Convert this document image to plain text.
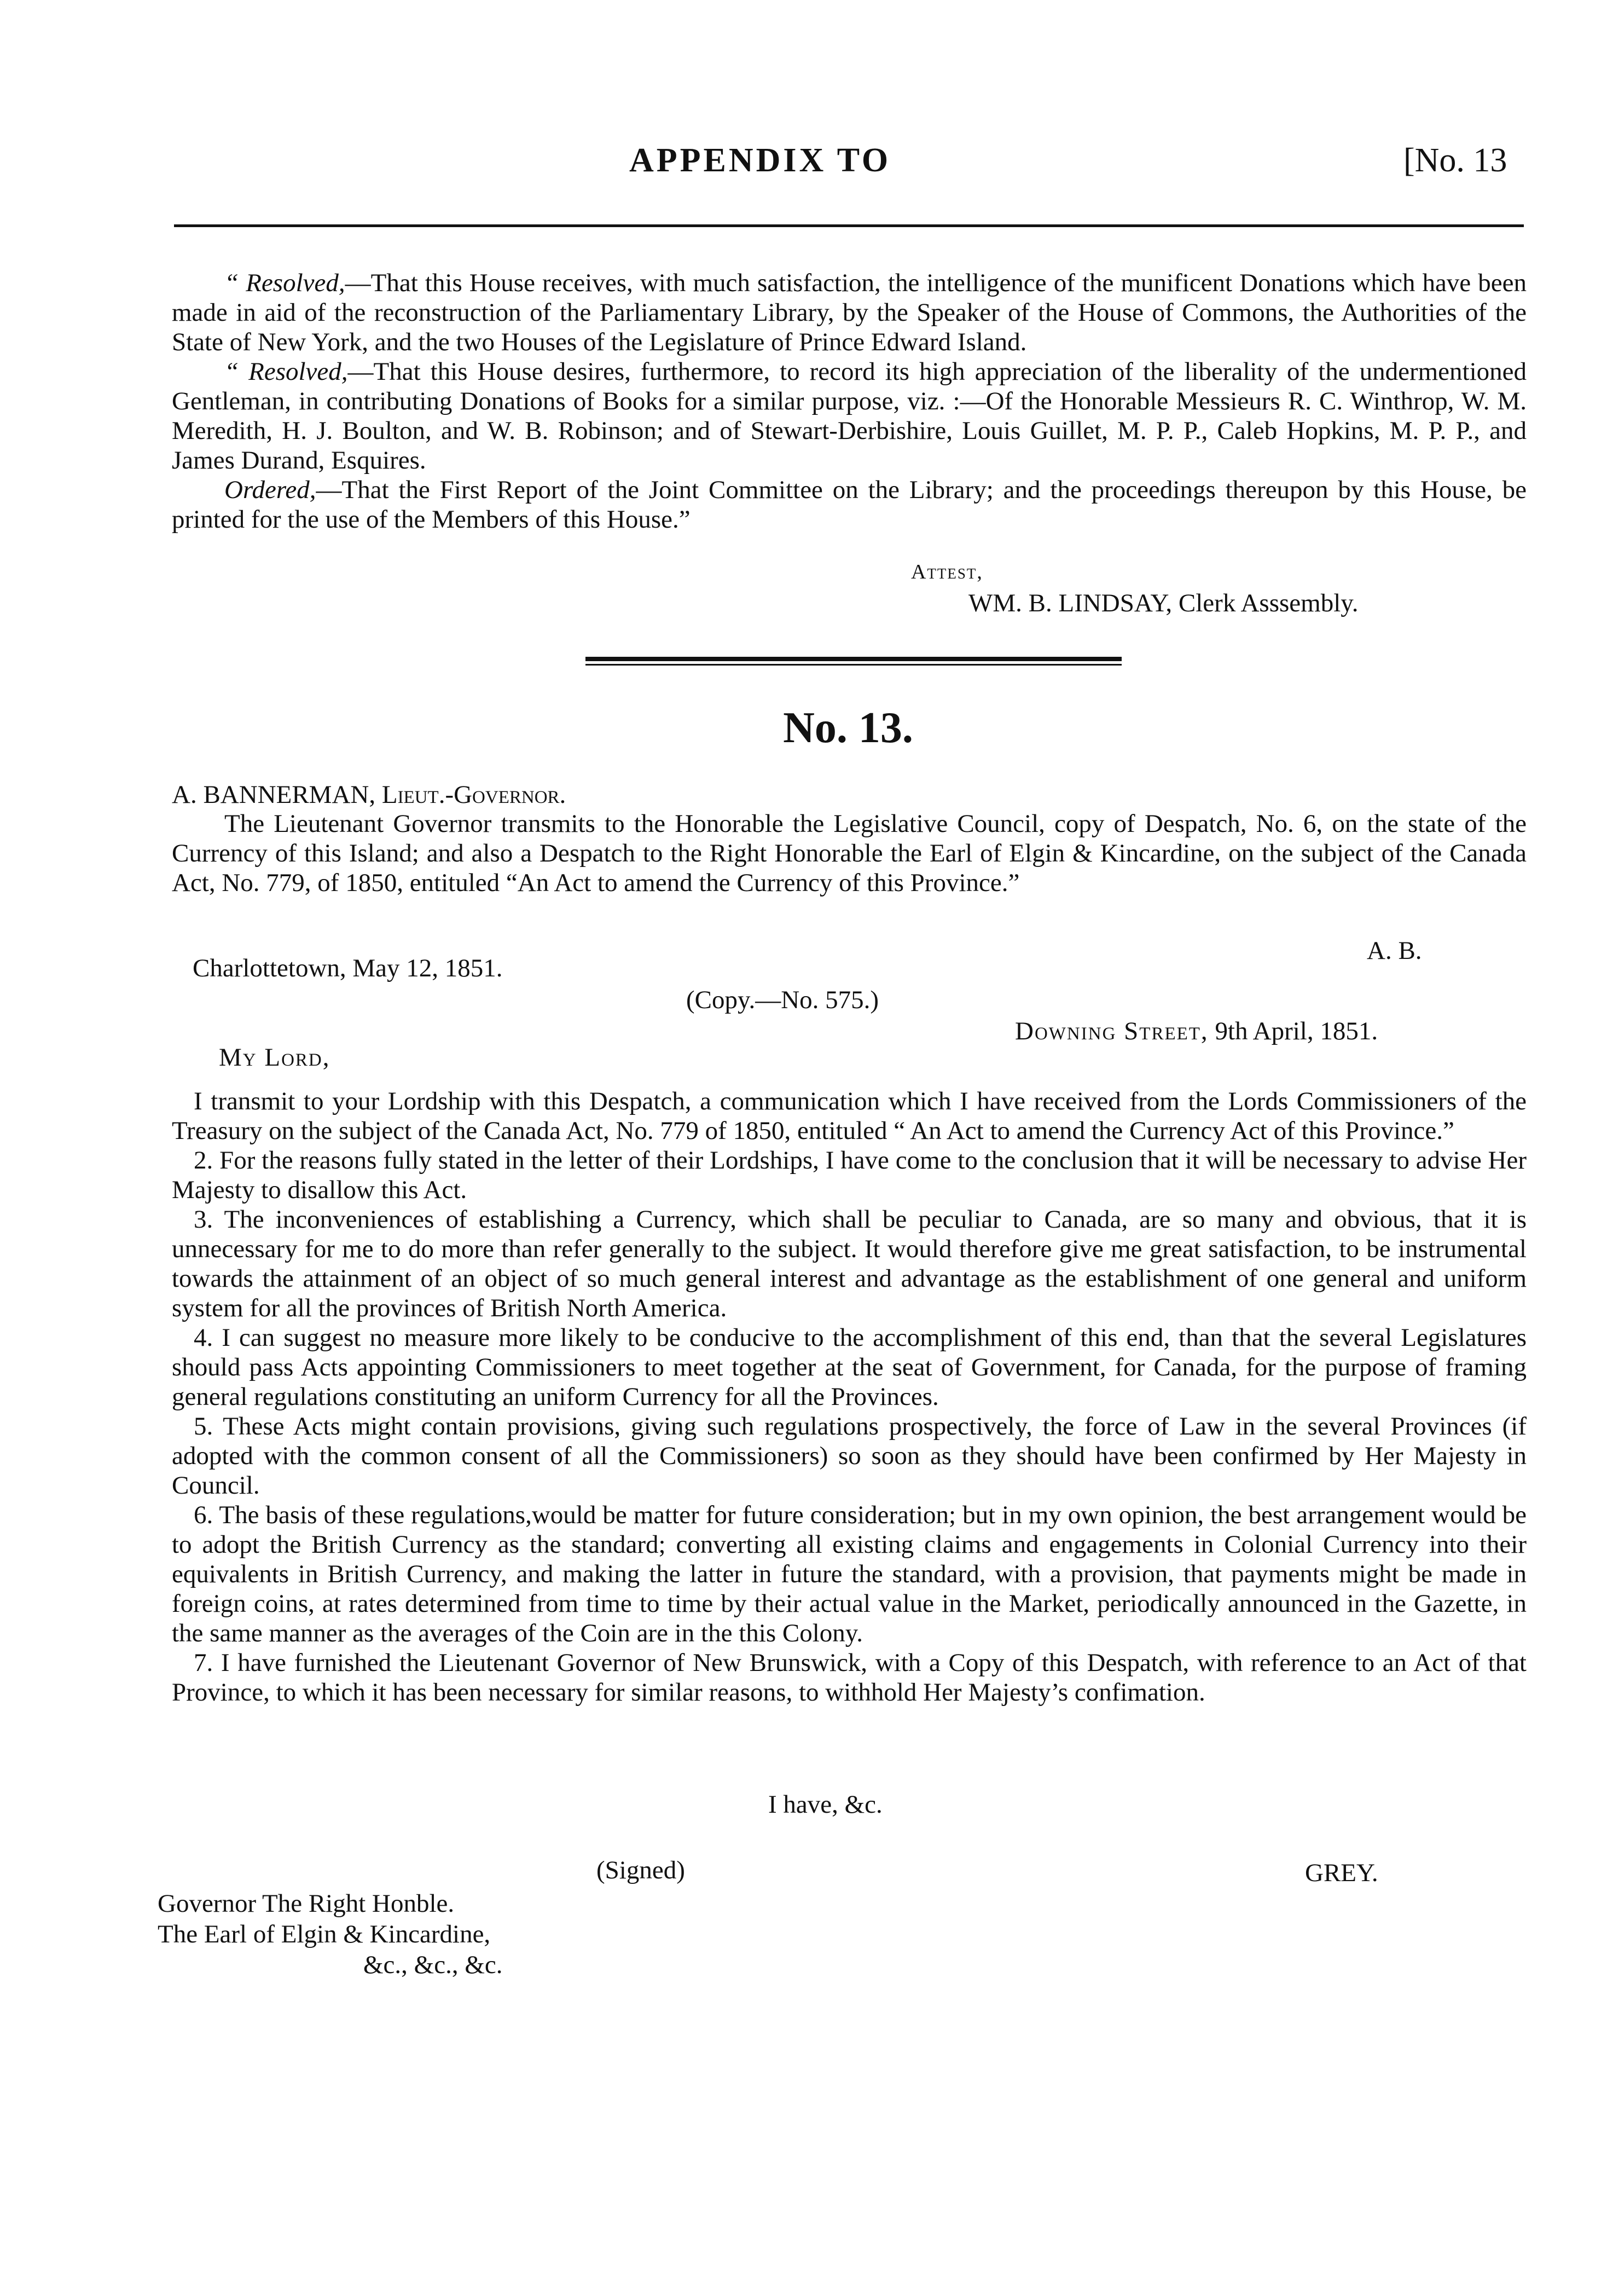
APPENDIX TO	[No. 13

“ Resolved,—That this House receives, with much satisfaction, the intelligence of the munificent Donations which have been made in aid of the reconstruction of the Parliamentary Library, by the Speaker of the House of Commons, the Authorities of the State of New York, and the two Houses of the Legislature of Prince Edward Island.

“ Resolved,—That this House desires, furthermore, to record its high appreciation of the liberality of the undermentioned Gentleman, in contributing Donations of Books for a similar purpose, viz. :—Of the Honorable Messieurs R. C. Winthrop, W. M. Meredith, H. J. Boulton, and W. B. Robinson; and of Stewart-Derbishire, Louis Guillet, M. P. P., Caleb Hopkins, M. P. P., and James Durand, Esquires.

Ordered,—That the First Report of the Joint Committee on the Library; and the proceedings thereupon by this House, be printed for the use of the Members of this House.”

Attest,
WM. B. LINDSAY, Clerk Asssembly.
No. 13.
A. BANNERMAN, Lieut.-Governor.

The Lieutenant Governor transmits to the Honorable the Legislative Council, copy of Despatch, No. 6, on the state of the Currency of this Island; and also a Despatch to the Right Honorable the Earl of Elgin & Kincardine, on the subject of the Canada Act, No. 779, of 1850, entituled “An Act to amend the Currency of this Province.”

A. B.
Charlottetown, May 12, 1851.
(Copy.—No. 575.)
Downing Street, 9th April, 1851.
My Lord,

I transmit to your Lordship with this Despatch, a communication which I have received from the Lords Commissioners of the Treasury on the subject of the Canada Act, No. 779 of 1850, entituled “ An Act to amend the Currency Act of this Province.”

2. For the reasons fully stated in the letter of their Lordships, I have come to the conclusion that it will be necessary to advise Her Majesty to disallow this Act.

3. The inconveniences of establishing a Currency, which shall be peculiar to Canada, are so many and obvious, that it is unnecessary for me to do more than refer generally to the subject. It would therefore give me great satisfaction, to be instrumental towards the attainment of an object of so much general interest and advantage as the establishment of one general and uniform system for all the provinces of British North America.

4. I can suggest no measure more likely to be conducive to the accomplishment of this end, than that the several Legislatures should pass Acts appointing Commissioners to meet together at the seat of Government, for Canada, for the purpose of framing general regulations constituting an uniform Currency for all the Provinces.

5. These Acts might contain provisions, giving such regulations prospectively, the force of Law in the several Provinces (if adopted with the common consent of all the Commissioners) so soon as they should have been confirmed by Her Majesty in Council.

6. The basis of these regulations,would be matter for future consideration; but in my own opinion, the best arrangement would be to adopt the British Currency as the standard; converting all existing claims and engagements in Colonial Currency into their equivalents in British Currency, and making the latter in future the standard, with a provision, that payments might be made in foreign coins, at rates determined from time to time by their actual value in the Market, periodically announced in the Gazette, in the same manner as the averages of the Coin are in the this Colony.

7. I have furnished the Lieutenant Governor of New Brunswick, with a Copy of this Despatch, with reference to an Act of that Province, to which it has been necessary for similar reasons, to withhold Her Majesty’s confimation.

I have, &c.
(Signed)	GREY.
Governor The Right Honble.
The Earl of Elgin & Kincardine,
&c., &c., &c.
